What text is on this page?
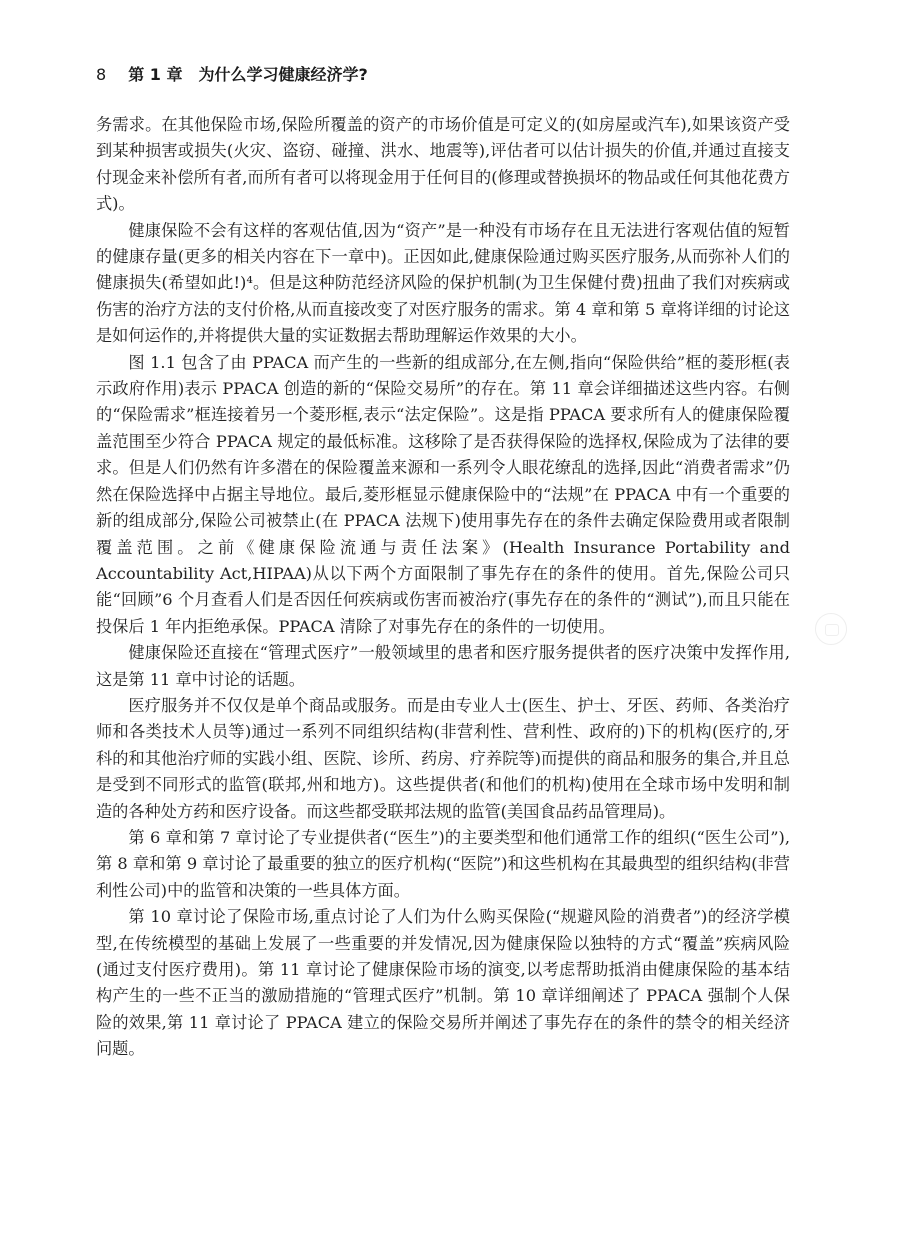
8 第 1 章 为什么学习健康经济学?

务需求。在其他保险市场,保险所覆盖的资产的市场价值是可定义的(如房屋或汽车),如果该资产受到某种损害或损失(火灾、盗窃、碰撞、洪水、地震等),评估者可以估计损失的价值,并通过直接支付现金来补偿所有者,而所有者可以将现金用于任何目的(修理或替换损坏的物品或任何其他花费方式)。

健康保险不会有这样的客观估值,因为“资产”是一种没有市场存在且无法进行客观估值的短暂的健康存量(更多的相关内容在下一章中)。正因如此,健康保险通过购买医疗服务,从而弥补人们的健康损失(希望如此!)⁴。但是这种防范经济风险的保护机制(为卫生保健付费)扭曲了我们对疾病或伤害的治疗方法的支付价格,从而直接改变了对医疗服务的需求。第 4 章和第 5 章将详细的讨论这是如何运作的,并将提供大量的实证数据去帮助理解运作效果的大小。

图 1.1 包含了由 PPACA 而产生的一些新的组成部分,在左侧,指向“保险供给”框的菱形框(表示政府作用)表示 PPACA 创造的新的“保险交易所”的存在。第 11 章会详细描述这些内容。右侧的“保险需求”框连接着另一个菱形框,表示“法定保险”。这是指 PPACA 要求所有人的健康保险覆盖范围至少符合 PPACA 规定的最低标准。这移除了是否获得保险的选择权,保险成为了法律的要求。但是人们仍然有许多潜在的保险覆盖来源和一系列令人眼花缭乱的选择,因此“消费者需求”仍然在保险选择中占据主导地位。最后,菱形框显示健康保险中的“法规”在 PPACA 中有一个重要的新的组成部分,保险公司被禁止(在 PPACA 法规下)使用事先存在的条件去确定保险费用或者限制覆盖范围。之前《健康保险流通与责任法案》(Health Insurance Portability and Accountability Act,HIPAA)从以下两个方面限制了事先存在的条件的使用。首先,保险公司只能“回顾”6 个月查看人们是否因任何疾病或伤害而被治疗(事先存在的条件的“测试”),而且只能在投保后 1 年内拒绝承保。PPACA 清除了对事先存在的条件的一切使用。

健康保险还直接在“管理式医疗”一般领域里的患者和医疗服务提供者的医疗决策中发挥作用,这是第 11 章中讨论的话题。

医疗服务并不仅仅是单个商品或服务。而是由专业人士(医生、护士、牙医、药师、各类治疗师和各类技术人员等)通过一系列不同组织结构(非营利性、营利性、政府的)下的机构(医疗的,牙科的和其他治疗师的实践小组、医院、诊所、药房、疗养院等)而提供的商品和服务的集合,并且总是受到不同形式的监管(联邦,州和地方)。这些提供者(和他们的机构)使用在全球市场中发明和制造的各种处方药和医疗设备。而这些都受联邦法规的监管(美国食品药品管理局)。

第 6 章和第 7 章讨论了专业提供者(“医生”)的主要类型和他们通常工作的组织(“医生公司”),第 8 章和第 9 章讨论了最重要的独立的医疗机构(“医院”)和这些机构在其最典型的组织结构(非营利性公司)中的监管和决策的一些具体方面。

第 10 章讨论了保险市场,重点讨论了人们为什么购买保险(“规避风险的消费者”)的经济学模型,在传统模型的基础上发展了一些重要的并发情况,因为健康保险以独特的方式“覆盖”疾病风险(通过支付医疗费用)。第 11 章讨论了健康保险市场的演变,以考虑帮助抵消由健康保险的基本结构产生的一些不正当的激励措施的“管理式医疗”机制。第 10 章详细阐述了 PPACA 强制个人保险的效果,第 11 章讨论了 PPACA 建立的保险交易所并阐述了事先存在的条件的禁令的相关经济问题。
